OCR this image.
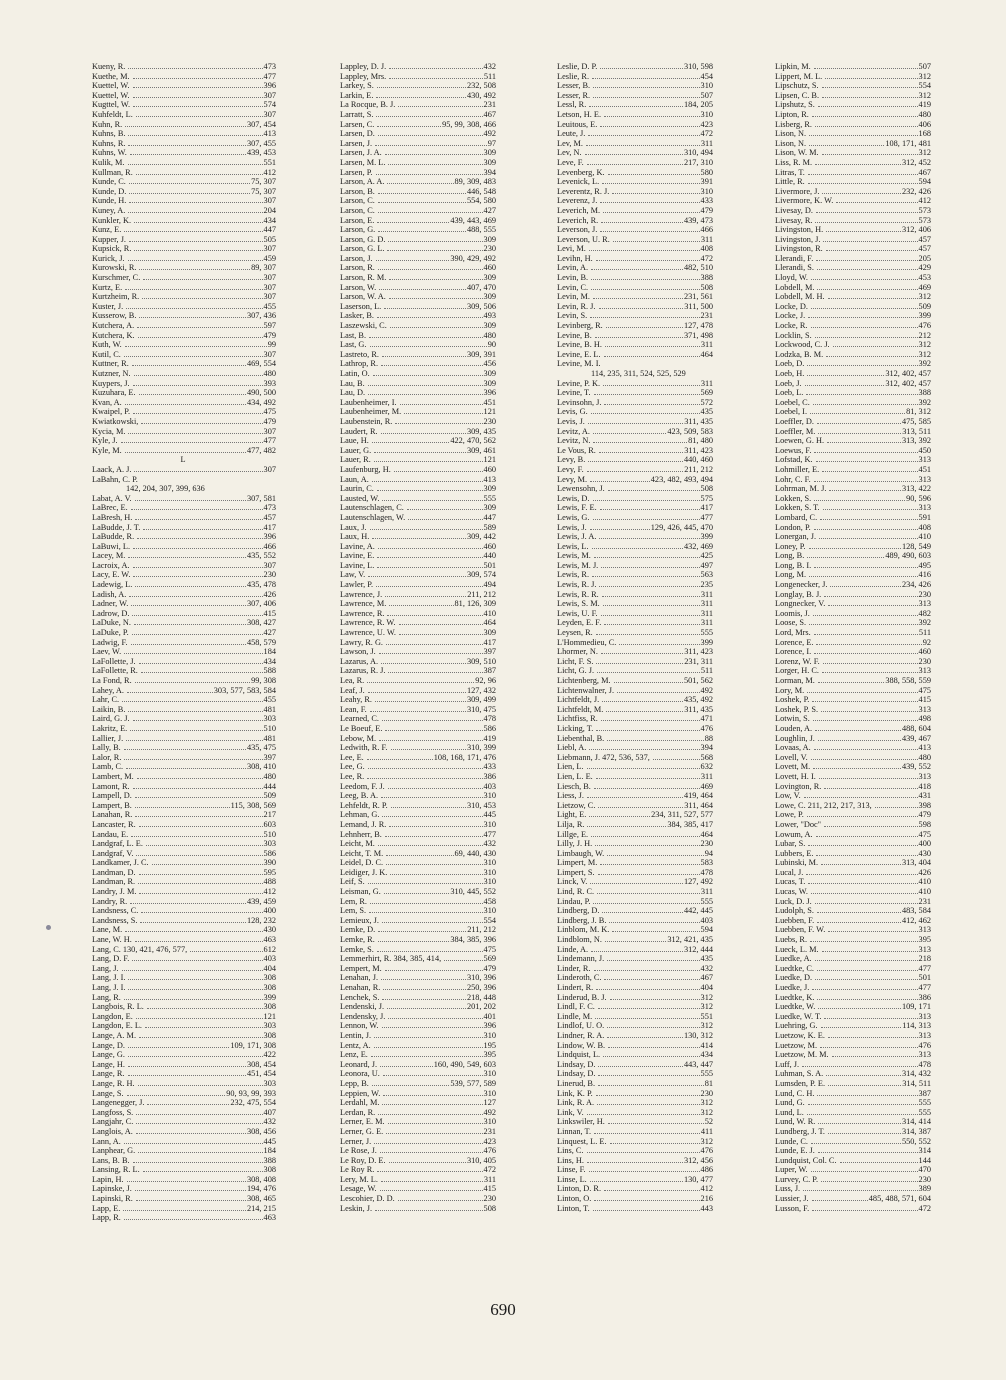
Kueny, R.	473
Kuethe, M.	477
Kuettel, W.	396
Kuettel, W.	307
Kugttel, W.	574
Kuhfeldt, L.	307
Kuhn, R.	307, 454
Kuhns, B.	413
Kuhns, R.	307, 455
Kuhns, W.	439, 453
Kulik, M.	551
Kullman, R.	412
Kunde, C.	75, 307
Kunde, D.	75, 307
Kunde, H.	307
Kuney, A.	204
Kunkler, K.	434
Kunz, E.	447
Kupper, J.	505
Kupsick, R.	307
Kurick, J.	459
Kurowski, R.	89, 307
Kurschmer, C.	307
Kurtz, E.	307
Kurtzheim, R.	307
Kuster, J.	455
Kusserow, B.	307, 436
Kutchera, A.	597
Kutchera, K.	479
Kuth, W.	99
Kutil, C.	307
Kuttner, R.	469, 554
Kutzner, N.	480
Kuypers, J.	393
Kuzuhara, E.	490, 500
Kvan, A.	434, 492
Kwaipel, P.	475
Kwiatkowski,	479
Kycia, M.	307
Kyle, J.	477
Kyle, M.	477, 482
L
Laack, A. J.	307
LaBahn, C. P.
142, 204, 307, 399, 636
Labat, A. V.	307, 581
LaBrec, E.	473
LaBresh, H.	457
LaBudde, J. T.	417
LaBudde, R.	396
LaBuwi, L.	466
Lacey, M.	435, 552
Lacroix, A.	307
Lacy, E. W.	230
Ladewig, L.	435, 478
Ladish, A.	426
Ladner, W.	307, 406
Ladrow, D.	415
LaDuke, N.	308, 427
LaDuke, P.	427
Ladwig, F.	458, 579
Laev, W.	184
LaFollette, J.	434
LaFollette, R.	588
La Fond, R.	99, 308
Lahey, A.	303, 577, 583, 584
Lahr, C.	455
Laikin, B.	481
Laird, G. J.	303
Lakritz, E.	510
Lallier, J.	481
Lally, B.	435, 475
Lalor, R.	397
Lamb, C.	308, 410
Lambert, M.	480
Lamont, R.	444
Lampell, D.	509
Lampert, B.	115, 308, 569
Lanahan, R.	217
Lancaster, R.	603
Landau, E.	510
Landgraf, L. E.	303
Landgraf, V.	586
Landkamer, J. C.	390
Landman, D.	595
Landman, R.	488
Landry, J. M.	412
Landry, R.	439, 459
Landsness, C.	400
Landsness, S.	128, 232
Lane, M.	430
Lane, W. H.	463
Lang, C. 130, 421, 476, 577,	612
Lang, D. F.	403
Lang, J.	404
Lang, J. I.	308
Lang, J. I.	308
Lang, R.	399
Langbois, R. L.	308
Langdon, E.	121
Langdon, E. L.	303
Lange, A. M.	308
Lange, D.	109, 171, 308
Lange, G.	422
Lange, H.	308, 454
Lange, R.	451, 454
Lange, R. H.	303
Lange, S.	90, 93, 99, 393
Langenegger, J.	232, 475, 554
Langfoss, S.	407
Langjahr, C.	432
Langlois, A.	308, 456
Lann, A.	445
Lanphear, G.	184
Lans, B. B.	388
Lansing, R. L.	308
Lapin, H.	308, 408
Lapinske, J.	194, 476
Lapinski, R.	308, 465
Lapp, E.	214, 215
Lapp, R.	463
Lappley, D. J.	432
Lappley, Mrs.	511
Larkey, S.	232, 508
Larkin, E.	430, 492
La Rocque, B. J.	231
Larratt, S.	467
Larsen, C.	95, 99, 308, 466
Larsen, D.	492
Larsen, J.	97
Larsen, J. A.	309
Larsen, M. L.	309
Larsen, P.	394
Larson, A. A.	89, 309, 483
Larson, B.	446, 548
Larson, C.	554, 580
Larson, C.	427
Larson, E.	439, 443, 469
Larson, G.	488, 555
Larson, G. D.	309
Larson, G. L.	230
Larson, J.	390, 429, 492
Larson, R.	460
Larson, R. M.	309
Larson, W.	407, 470
Larson, W. A.	309
Laserson, L.	309, 506
Lasker, B.	493
Laszewski, C.	309
Last, B.	480
Last, G.	90
Lastreto, R.	309, 391
Lathrop, R.	456
Latin, O.	309
Lau, B.	309
Lau, D.	396
Laubenheimer, I.	451
Laubenheimer, M.	121
Laubenstein, R.	230
Laudert, R.	309, 435
Laue, H.	422, 470, 562
Lauer, G.	309, 461
Lauer, R.	121
Laufenburg, H.	460
Laun, A.	413
Laurin, C.	309
Lausted, W.	555
Lautenschlagen, C.	309
Lautenschlagen, W.	447
Laux, J.	589
Laux, H.	309, 442
Lavine, A.	460
Lavine, E.	440
Lavine, L.	501
Law, V.	309, 574
Lawler, P.	494
Lawrence, J.	211, 212
Lawrence, M.	81, 126, 309
Lawrence, R.	410
Lawrence, R. W.	464
Lawrence, U. W.	309
Lawry, R. G.	417
Lawson, J.	397
Lazarus, A.	309, 510
Lazarus, R. J.	387
Lea, R.	92, 96
Leaf, J.	127, 432
Leahy, R.	309, 499
Lean, F.	310, 475
Learned, C.	478
Le Boeuf, E.	586
Lebow, M.	419
Ledwith, R. F.	310, 399
Lee, E.	108, 168, 171, 476
Lee, G.	433
Lee, R.	386
Leedom, F. J.	403
Leeg, B. A.	310
Lehfeldt, R. P.	310, 453
Lehman, G.	445
Lemand, J. R.	310
Lehnherr, B.	477
Leicht, M.	432
Leicht, T. M.	69, 440, 430
Leidel, D. C.	310
Leidiger, J. K.	310
Leif, S.	310
Leisman, G.	310, 445, 552
Lem, R.	458
Lem, S.	310
Lemieux, J.	554
Lemke, D.	211, 212
Lemke, R.	384, 385, 396
Lemke, S.	475
Lemmerhirt, R. 384, 385, 414,	569
Lempert, M.	479
Lenahan, J.	310, 396
Lenahan, R.	250, 396
Lenchek, S.	218, 448
Lendenski, J.	201, 202
Lendensky, J.	401
Lennon, W.	396
Lentin, J.	310
Lentz, A.	195
Lenz, E.	395
Leonard, J.	160, 490, 549, 603
Leonora, U.	310
Lepp, B.	539, 577, 589
Leppien, W.	310
Lerdahl, M.	127
Lerdan, R.	492
Lerner, E. M.	310
Lerner, G. E.	231
Lerner, J.	423
Le Rose, J.	476
Le Roy, D. E.	310, 405
Le Roy R.	472
Lery, M. L.	311
Lesage, W.	415
Lescohier, D. D.	230
Leskin, J.	508
Leslie, D. P.	310, 598
Leslie, R.	454
Lesser, B.	310
Lesser, R.	507
Lessl, R.	184, 205
Letson, H. E.	310
Leuitous, E.	423
Leute, J.	472
Lev, M.	311
Lev, N.	310, 494
Leve, F.	217, 310
Levenberg, K.	580
Levenick, L.	391
Leverentz, R. J.	310
Leverenz, J.	433
Leverich, M.	479
Leverich, R.	439, 473
Leverson, J.	466
Leverson, U. R.	311
Levi, M.	408
Levihn, H.	472
Levin, A.	482, 510
Levin, B.	388
Levin, C.	508
Levin, M.	231, 561
Levin, R. J.	311, 500
Levin, S.	231
Levinberg, R.	127, 478
Levine, B.	371, 498
Levine, B. H.	311
Levine, E. L.	464
Levine, M. I.
114, 235, 311, 524, 525, 529
Levine, P. K.	311
Levine, T.	569
Levinsohn, J.	572
Levis, G.	435
Levis, J.	311, 435
Levitz, A.	423, 509, 583
Levitz, N.	81, 480
Le Vous, R.	311, 423
Levy, B.	440, 460
Levy, F.	211, 212
Levy, M.	423, 482, 493, 494
Lewensohn, J.	508
Lewis, D.	575
Lewis, F. E.	417
Lewis, G.	477
Lewis, J.	129, 426, 445, 470
Lewis, J. A.	399
Lewis, L.	432, 469
Lewis, M.	425
Lewis, M. J.	497
Lewis, R.	563
Lewis, R. J.	235
Lewis, R. R.	311
Lewis, S. M.	311
Lewis, U. F.	311
Leyden, E. F.	311
Leysen, R.	555
L'Hommedieu, C.	399
Lhormer, N.	311, 423
Licht, F. S.	231, 311
Licht, G. J.	511
Lichtenberg, M.	501, 562
Lichtenwalner, J.	492
Lichtfeldt, J.	435, 492
Lichtfeldt, M.	311, 435
Lichtfiss, R.	471
Licking, T.	476
Liebenthal, B.	88
Liebl, A.	394
Liebmann, J. 472, 536, 537,	568
Lien, L.	632
Lien, L. E.	311
Liesch, B.	469
Liess, J.	419, 464
Lietzow, C.	311, 464
Light, E.	234, 311, 527, 577
Lilja, R.	384, 385, 417
Lillge, E.	464
Lilly, J. H.	230
Limbaugh, W.	94
Limpert, M.	583
Limpert, S.	478
Linck, V.	127, 492
Lind, R. C.	311
Lindau, P.	555
Lindberg, D.	442, 445
Lindberg, J. B.	403
Linblom, M. K.	594
Lindblom, N.	312, 421, 435
Linde, A.	312, 444
Lindemann, J.	435
Linder, R.	432
Linderoth, C.	467
Lindert, R.	404
Linderud, B. J.	312
Lindl, F. C.	312
Lindle, M.	551
Lindlof, U. O.	312
Lindner, R. A.	130, 312
Lindow, W. B.	414
Lindquist, L.	434
Lindsay, D.	443, 447
Lindsay, D.	555
Linerud, B.	81
Link, K. P.	230
Link, R. A.	312
Link, V.	312
Linkswiler, H.	52
Linnan, T.	411
Linquest, L. E.	312
Lins, C.	476
Lins, H.	312, 456
Linse, F.	486
Linse, L.	130, 477
Linton, D. R.	412
Linton, O.	216
Linton, T.	443
Lipkin, M.	507
Lippert, M. L.	312
Lipschutz, S.	554
Lipsen, C. B.	312
Lipshutz, S.	419
Lipton, R.	480
Lisberg, R.	406
Lison, N.	168
Lison, N.	108, 171, 481
Lison, W. M.	312
Liss, R. M.	312, 452
Litras, T.	467
Little, R.	594
Livermore, J.	232, 426
Livermore, K. W.	412
Livesay, D.	573
Livesay, R.	573
Livingston, H.	312, 406
Livingston, J.	457
Livingston, R.	457
Llerandi, F.	205
Llerandi, S.	429
Lloyd, W.	453
Lobdell, M.	469
Lobdell, M. H.	312
Locke, D.	509
Locke, J.	399
Locke, R.	476
Locklin, S.	212
Lockwood, C. J.	312
Lodzka, B. M.	312
Loeb, D.	392
Loeb, H.	312, 402, 457
Loeb, J.	312, 402, 457
Loeb, L.	388
Loebel, C.	392
Loebel, I.	81, 312
Loeffler, D.	475, 585
Loeffler, M.	313, 511
Loewen, G. H.	313, 392
Loewus, F.	450
Lofstad, K.	313
Lohmiller, E.	451
Lohr, C. F.	313
Lohrman, M. J.	313, 422
Lokken, S.	90, 596
Lokken, S. T.	313
Lombard, C.	591
London, P.	408
Lonergan, J.	410
Loney, P.	128, 549
Long, B.	489, 490, 603
Long, B. I.	495
Long, M.	416
Longenecker, J.	234, 426
Longlay, B. J.	230
Longnecker, V.	313
Loomis, J.	482
Loose, S.	392
Lord, Mrs.	511
Lorence, E.	92
Lorence, I.	460
Lorenz, W. F.	230
Lorger, H. C.	313
Lorman, M.	388, 558, 559
Lory, M.	475
Loshek, P.	415
Loshek, P. S.	313
Lotwin, S.	498
Louden, A.	488, 604
Loughlin, J.	439, 467
Lovaas, A.	413
Lovell, V.	480
Lovett, M.	439, 552
Lovett, H. I.	313
Lovington, R.	418
Low, V.	431
Lowe, C. 211, 212, 217, 313,	398
Lowe, P.	479
Lower, "Doc"	598
Lowum, A.	475
Lubar, S.	400
Lubbers, E.	430
Lubinski, M.	313, 404
Lucal, J.	426
Lucas, T.	410
Lucas, W.	410
Luck, D. J.	231
Ludolph, S.	483, 584
Luebben, F.	412, 462
Luebben, F. W.	313
Luebs, R.	395
Lueck, L. M.	313
Luedke, A.	218
Luedtke, C.	477
Luedke, D.	501
Luedke, J.	477
Luedtke, K.	386
Luedtke, W.	109, 171
Luedke, W. T.	313
Luehring, G.	114, 313
Luetzow, K. E.	313
Luetzow, M.	476
Luetzow, M. M.	313
Luff, J.	478
Luhman, S. A.	314, 432
Lumsden, P. E.	314, 511
Lund, C. H.	387
Lund, G.	555
Lund, L.	555
Lund, W. R.	314, 414
Lundberg, J. T.	314, 387
Lunde, C.	550, 552
Lunde, E. J.	314
Lundquist, Col. C.	144
Luper, W.	470
Lurvey, C. P.	230
Luss, J.	389
Lussier, J.	485, 488, 571, 604
Lusson, F.	472
690
